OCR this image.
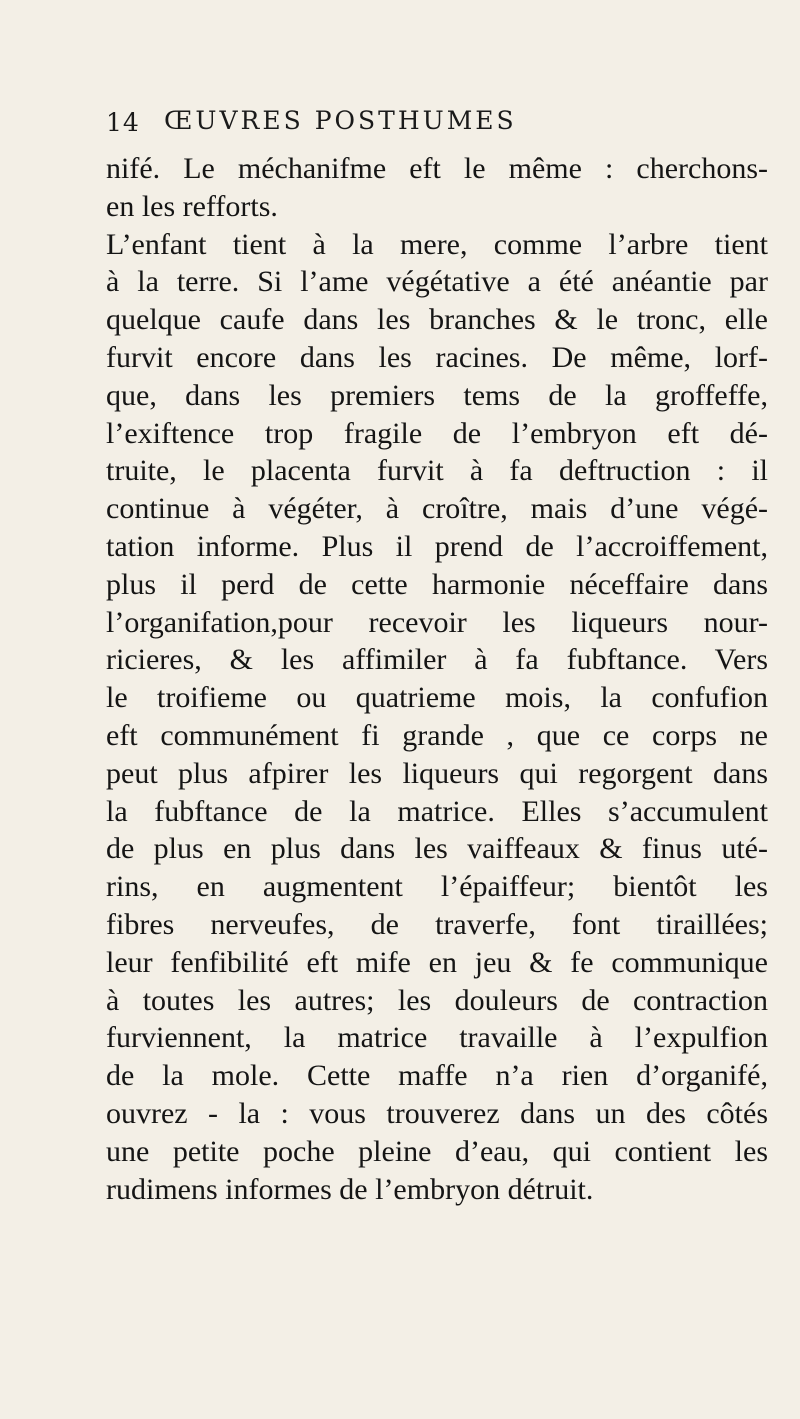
14 ŒUVRES POSTHUMES
nifé. Le méchanifme eft le même : cherchons-
en les refforts.
L’enfant tient à la mere, comme l’arbre tient
à la terre. Si l’ame végétative a été anéantie par
quelque caufe dans les branches & le tronc, elle
furvit encore dans les racines. De même, lorf-
que, dans les premiers tems de la groffeffe,
l’exiftence trop fragile de l’embryon eft dé-
truite, le placenta furvit à fa deftruction : il
continue à végéter, à croître, mais d’une végé-
tation informe. Plus il prend de l’accroiffement,
plus il perd de cette harmonie néceffaire dans
l’organifation,pour recevoir les liqueurs nour-
ricieres, & les affimiler à fa fubftance. Vers
le troifieme ou quatrieme mois, la confufion
eft communément fi grande , que ce corps ne
peut plus afpirer les liqueurs qui regorgent dans
la fubftance de la matrice. Elles s’accumulent
de plus en plus dans les vaiffeaux & finus uté-
rins, en augmentent l’épaiffeur; bientôt les
fibres nerveufes, de traverfe, font tiraillées;
leur fenfibilité eft mife en jeu & fe communique
à toutes les autres; les douleurs de contraction
furviennent, la matrice travaille à l’expulfion
de la mole. Cette maffe n’a rien d’organifé,
ouvrez - la : vous trouverez dans un des côtés
une petite poche pleine d’eau, qui contient les
rudimens informes de l’embryon détruit.
